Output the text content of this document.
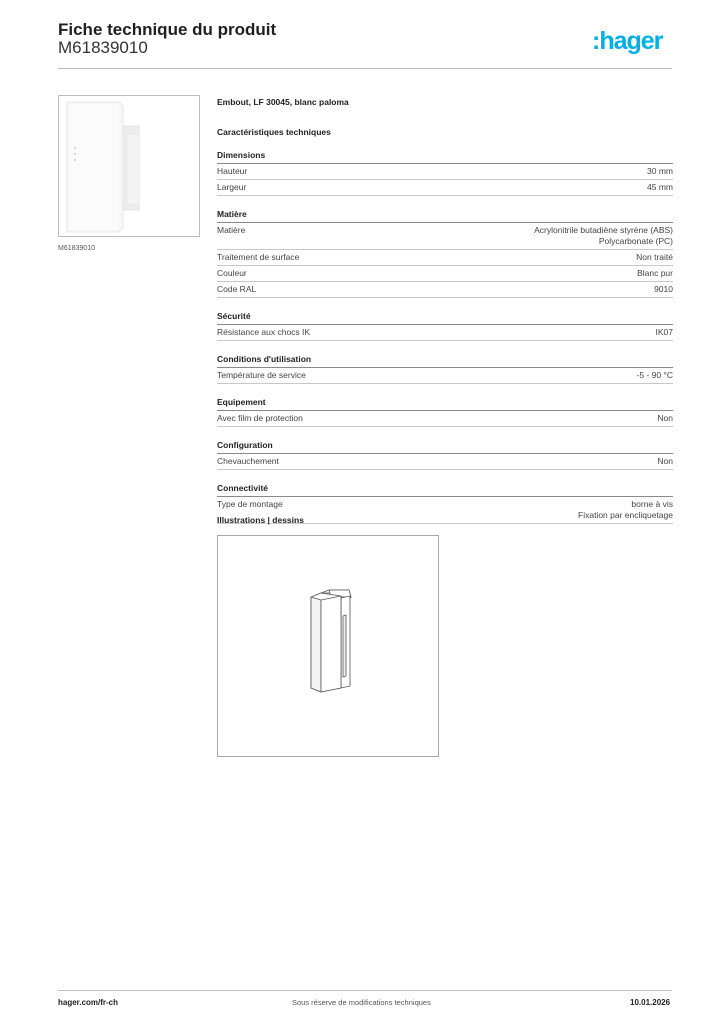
Fiche technique du produit
M61839010	:hager
M61839010
Embout, LF 30045, blanc paloma
Caractéristiques techniques
Dimensions
Hauteur	30 mm
Largeur	45 mm
Matière
Matière	Acrylonitrile butadiène styrène (ABS)
Polycarbonate (PC)
Traitement de surface	Non traité
Couleur	Blanc pur
Code RAL	9010
Sécurité
Résistance aux chocs IK	IK07
Conditions d'utilisation
Température de service	-5 - 90 °C
Equipement
Avec film de protection	Non
Configuration
Chevauchement	Non
Connectivité
Type de montage	borne à vis
Fixation par encliquetage
Illustrations | dessins
hager.com/fr-ch	Sous réserve de modifications techniques	10.01.2026
